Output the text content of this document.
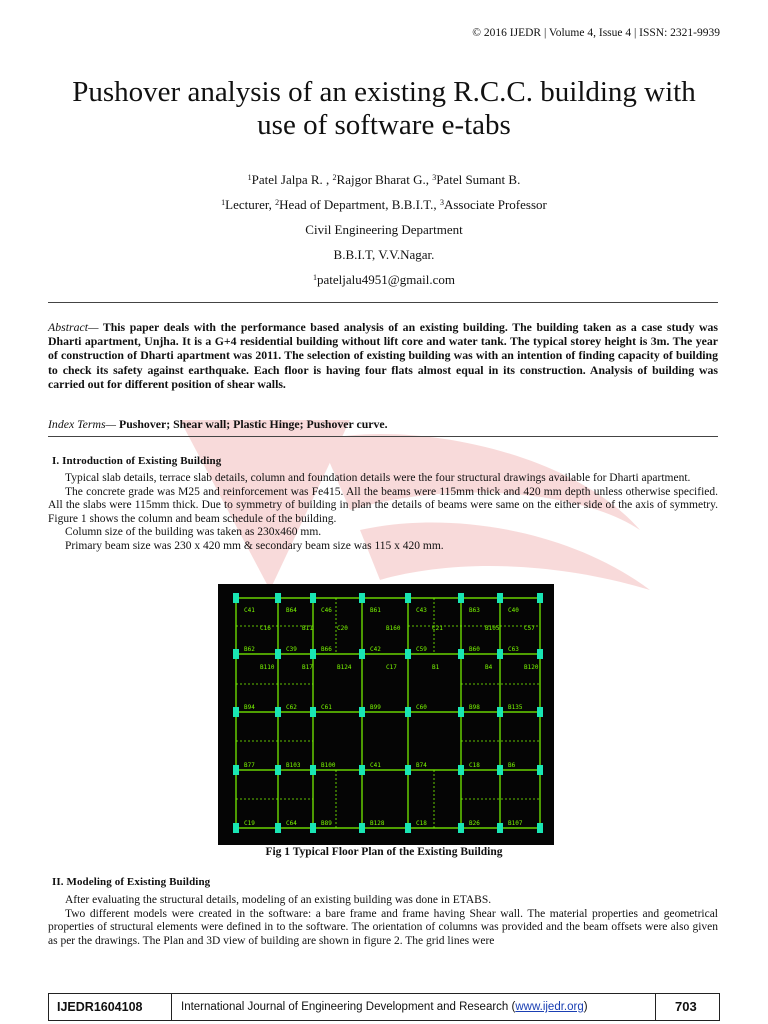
© 2016 IJEDR | Volume 4, Issue 4 | ISSN: 2321-9939
Pushover analysis of an existing R.C.C. building with
use of software e-tabs
$^1$Patel Jalpa R. , $^2$Rajgor Bharat G., $^3$Patel Sumant B.
$^1$Lecturer, $^2$Head of Department, B.B.I.T., $^3$Associate Professor
Civil Engineering Department
B.B.I.T, V.V.Nagar.
$^1$pateljalu4951@gmail.com
Abstract— This paper deals with the performance based analysis of an existing building. The building taken as a case study was Dharti apartment, Unjha. It is a G+4 residential building without lift core and water tank. The typical storey height is 3m. The year of construction of Dharti apartment was 2011. The selection of existing building was with an intention of finding capacity of building to check its safety against earthquake. Each floor is having four flats almost equal in its construction. Analysis of building was carried out for different position of shear walls.
Index Terms— Pushover; Shear wall; Plastic Hinge; Pushover curve.
I. Introduction of Existing Building

Typical slab details, terrace slab details, column and foundation details were the four structural drawings available for Dharti apartment.

The concrete grade was M25 and reinforcement was Fe415. All the beams were 115mm thick and 420 mm depth unless otherwise specified. All the slabs were 115mm thick. Due to symmetry of building in plan the details of beams were same on the either side of the axis of symmetry. Figure 1 shows the column and beam schedule of the building.

Column size of the building was taken as 230x460 mm.

Primary beam size was 230 x 420 mm & secondary beam size was 115 x 420 mm.

C41	B64	C46	B61	C43	B63	C40
B62	C39	B66	C42	C59	B60	C63
B94	C62	C61	B99	C60	B98	B135
B77	B103	B100	C41	B74	C18	B6
C19	C64	B89	B128	C18	B26	B107
C16	B11	C20	B160	C21	B105	C57
B110	B17	B124	C17	B1	B4	B120
Fig 1 Typical Floor Plan of the Existing Building
II. Modeling of Existing Building

After evaluating the structural details, modeling of an existing building was done in ETABS.

Two different models were created in the software: a bare frame and frame having Shear wall. The material properties and geometrical properties of structural elements were defined in to the software. The orientation of columns was provided and the beam offsets were also given as per the drawings. The Plan and 3D view of building are shown in figure 2. The grid lines were

IJEDR1604108	International Journal of Engineering Development and Research (www.ijedr.org)	703
